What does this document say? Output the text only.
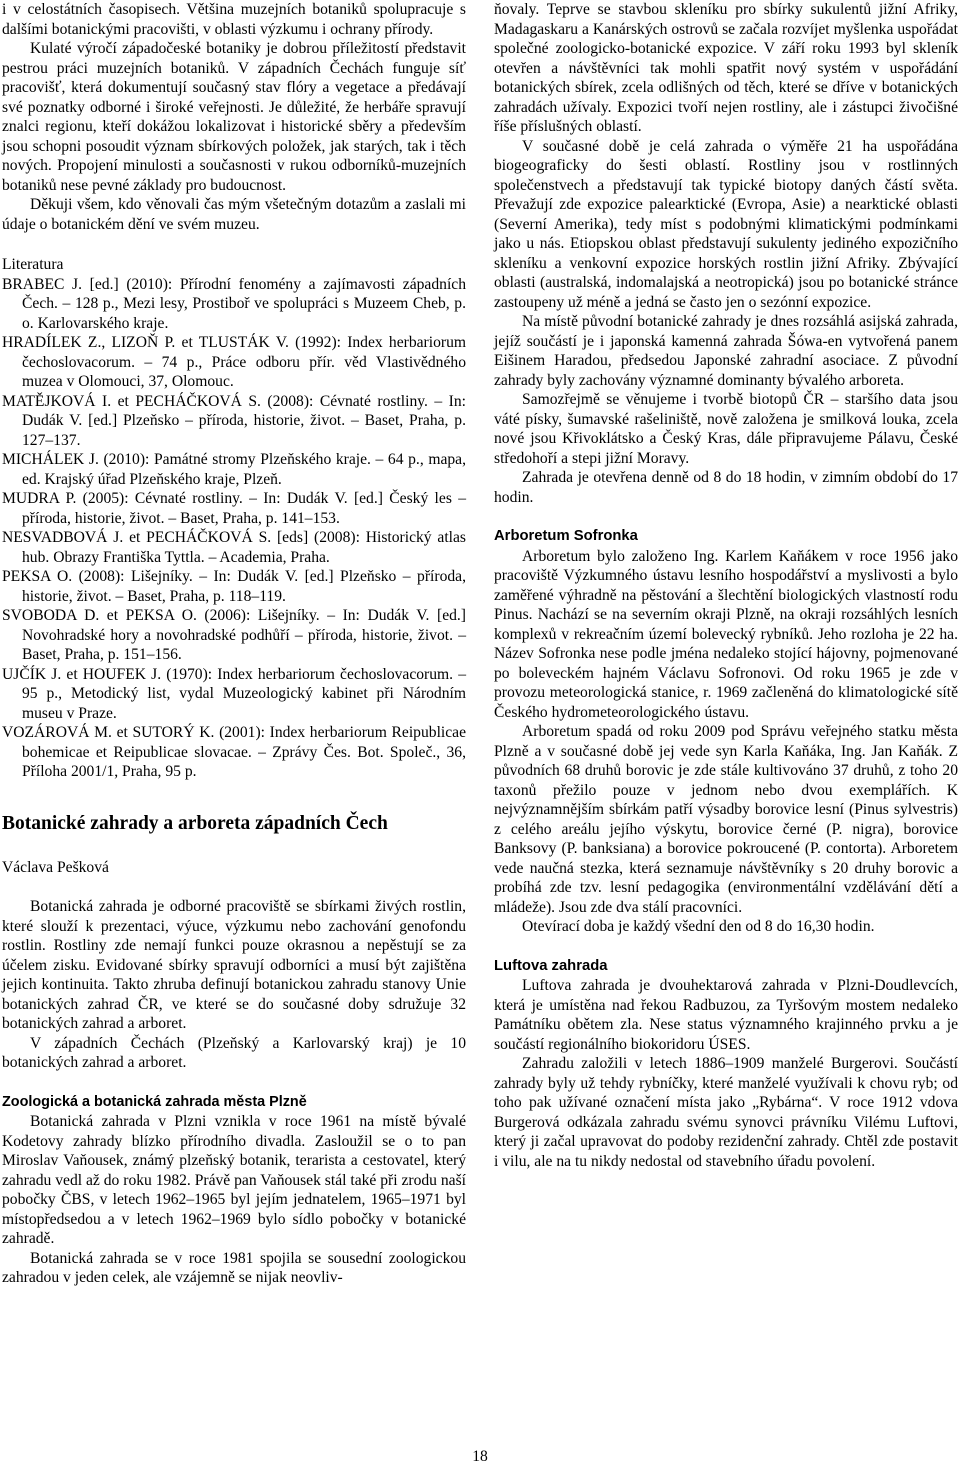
i v celostátních časopisech. Většina muzejních botaniků spolupracuje s dalšími botanickými pracovišti, v oblasti výzkumu i ochrany přírody.

Kulaté výročí západočeské botaniky je dobrou příležitostí představit pestrou práci muzejních botaniků. V západních Čechách funguje síť pracovišť, která dokumentují současný stav flóry a vegetace a předávají své poznatky odborné i široké veřejnosti. Je důležité, že herbáře spravují znalci regionu, kteří dokážou lokalizovat i historické sběry a především jsou schopni posoudit význam sbírkových položek, jak starých, tak i těch nových. Propojení minulosti a současnosti v rukou odborníků-muzejních botaniků nese pevné základy pro budoucnost.

Děkuji všem, kdo věnovali čas mým všetečným dotazům a zaslali mi údaje o botanickém dění ve svém muzeu.

Literatura

BRABEC J. [ed.] (2010): Přírodní fenomény a zajímavosti západních Čech. ‒ 128 p., Mezi lesy, Prostiboř ve spolupráci s Muzeem Cheb, p. o. Karlovarského kraje.

HRADÍLEK Z., LIZOŇ P. et TLUSTÁK V. (1992): Index herbariorum čechoslovacorum. ‒ 74 p., Práce odboru přír. věd Vlastivědného muzea v Olomouci, 37, Olomouc.

MATĚJKOVÁ I. et PECHÁČKOVÁ S. (2008): Cévnaté rostliny. ‒ In: Dudák V. [ed.] Plzeňsko ‒ příroda, historie, život. ‒ Baset, Praha, p. 127‒137.

MICHÁLEK J. (2010): Památné stromy Plzeňského kraje. ‒ 64 p., mapa, ed. Krajský úřad Plzeňského kraje, Plzeň.

MUDRA P. (2005): Cévnaté rostliny. ‒ In: Dudák V. [ed.] Český les ‒ příroda, historie, život. ‒ Baset, Praha, p. 141‒153.

NESVADBOVÁ J. et PECHÁČKOVÁ S. [eds] (2008): Historický atlas hub. Obrazy Františka Tyttla. ‒ Academia, Praha.

PEKSA O. (2008): Lišejníky. ‒ In: Dudák V. [ed.] Plzeňsko ‒ příroda, historie, život. ‒ Baset, Praha, p. 118‒119.

SVOBODA D. et PEKSA O. (2006): Lišejníky. ‒ In: Dudák V. [ed.] Novohradské hory a novohradské podhůří ‒ příroda, historie, život. ‒ Baset, Praha, p. 151‒156.

UJČÍK J. et HOUFEK J. (1970): Index herbariorum čechoslovacorum. ‒ 95 p., Metodický list, vydal Muzeologický kabinet při Národním museu v Praze.

VOZÁROVÁ M. et SUTORÝ K. (2001): Index herbariorum Reipublicae bohemicae et Reipublicae slovacae. ‒ Zprávy Čes. Bot. Společ., 36, Příloha 2001/1, Praha, 95 p.

Botanické zahrady a arboreta západních Čech
Václava Pešková

Botanická zahrada je odborné pracoviště se sbírkami živých rostlin, které slouží k prezentaci, výuce, výzkumu nebo zachování genofondu rostlin. Rostliny zde nemají funkci pouze okrasnou a nepěstují se za účelem zisku. Evidované sbírky spravují odborníci a musí být zajištěna jejich kontinuita. Takto zhruba definují botanickou zahradu stanovy Unie botanických zahrad ČR, ve které se do současné doby sdružuje 32 botanických zahrad a arboret.

V západních Čechách (Plzeňský a Karlovarský kraj) je 10 botanických zahrad a arboret.

Zoologická a botanická zahrada města Plzně

Botanická zahrada v Plzni vznikla v roce 1961 na místě bývalé Kodetovy zahrady blízko přírodního divadla. Zasloužil se o to pan Miroslav Vaňousek, známý plzeňský botanik, terarista a cestovatel, který zahradu vedl až do roku 1982. Právě pan Vaňousek stál také při zrodu naší pobočky ČBS, v letech 1962‒1965 byl jejím jednatelem, 1965‒1971 byl místopředsedou a v letech 1962‒1969 bylo sídlo pobočky v botanické zahradě.

Botanická zahrada se v roce 1981 spojila se sousední zoologickou zahradou v jeden celek, ale vzájemně se nijak neovliv-

ňovaly. Teprve se stavbou skleníku pro sbírky sukulentů jižní Afriky, Madagaskaru a Kanárských ostrovů se začala rozvíjet myšlenka uspořádat společné zoologicko-botanické expozice. V září roku 1993 byl skleník otevřen a návštěvníci tak mohli spatřit nový systém v uspořádání botanických sbírek, zcela odlišných od těch, které se dříve v botanických zahradách užívaly. Expozici tvoří nejen rostliny, ale i zástupci živočišné říše příslušných oblastí.

V současné době je celá zahrada o výměře 21 ha uspořádána biogeograficky do šesti oblastí. Rostliny jsou v rostlinných společenstvech a představují tak typické biotopy daných částí světa. Převažují zde expozice palearktické (Evropa, Asie) a nearktické oblasti (Severní Amerika), tedy míst s podobnými klimatickými podmínkami jako u nás. Etiopskou oblast představují sukulenty jediného expozičního skleníku a venkovní expozice horských rostlin jižní Afriky. Zbývající oblasti (australská, indomalajská a neotropická) jsou po botanické stránce zastoupeny už méně a jedná se často jen o sezónní expozice.

Na místě původní botanické zahrady je dnes rozsáhlá asijská zahrada, jejíž součástí je i japonská kamenná zahrada Šówa-en vytvořená panem Eišinem Haradou, předsedou Japonské zahradní asociace. Z původní zahrady byly zachovány významné dominanty bývalého arboreta.

Samozřejmě se věnujeme i tvorbě biotopů ČR ‒ staršího data jsou váté písky, šumavské rašeliniště, nově založena je smilková louka, zcela nové jsou Křivoklátsko a Český Kras, dále připravujeme Pálavu, České středohoří a stepi jižní Moravy.

Zahrada je otevřena denně od 8 do 18 hodin, v zimním období do 17 hodin.

Arboretum Sofronka

Arboretum bylo založeno Ing. Karlem Kaňákem v roce 1956 jako pracoviště Výzkumného ústavu lesního hospodářství a myslivosti a bylo zaměřené výhradně na pěstování a šlechtění biologických vlastností rodu Pinus. Nachází se na severním okraji Plzně, na okraji rozsáhlých lesních komplexů v rekreačním území bolevecký rybníků. Jeho rozloha je 22 ha. Název Sofronka nese podle jména nedaleko stojící hájovny, pojmenované po boleveckém hajném Václavu Sofronovi. Od roku 1965 je zde v provozu meteorologická stanice, r. 1969 začleněná do klimatologické sítě Českého hydrometeorologického ústavu.

Arboretum spadá od roku 2009 pod Správu veřejného statku města Plzně a v současné době jej vede syn Karla Kaňáka, Ing. Jan Kaňák. Z původních 68 druhů borovic je zde stále kultivováno 37 druhů, z toho 20 taxonů přežilo pouze v jednom nebo dvou exemplářích. K nejvýznamnějším sbírkám patří výsadby borovice lesní (Pinus sylvestris) z celého areálu jejího výskytu, borovice černé (P. nigra), borovice Banksovy (P. banksiana) a borovice pokroucené (P. contorta). Arboretem vede naučná stezka, která seznamuje návštěvníky s 20 druhy borovic a probíhá zde tzv. lesní pedagogika (environmentální vzdělávání dětí a mládeže). Jsou zde dva stálí pracovníci.

Otevírací doba je každý všední den od 8 do 16,30 hodin.

Luftova zahrada

Luftova zahrada je dvouhektarová zahrada v Plzni-Doudlevcích, která je umístěna nad řekou Radbuzou, za Tyršovým mostem nedaleko Památníku obětem zla. Nese status významného krajinného prvku a je součástí regionálního biokoridoru ÚSES.

Zahradu založili v letech 1886‒1909 manželé Burgerovi. Součástí zahrady byly už tehdy rybníčky, které manželé využívali k chovu ryb; od toho pak užívané označení místa jako „Rybárna“. V roce 1912 vdova Burgerová odkázala zahradu svému synovci právníku Vilému Luftovi, který ji začal upravovat do podoby rezidenční zahrady. Chtěl zde postavit i vilu, ale na tu nikdy nedostal od stavebního úřadu povolení.

18
